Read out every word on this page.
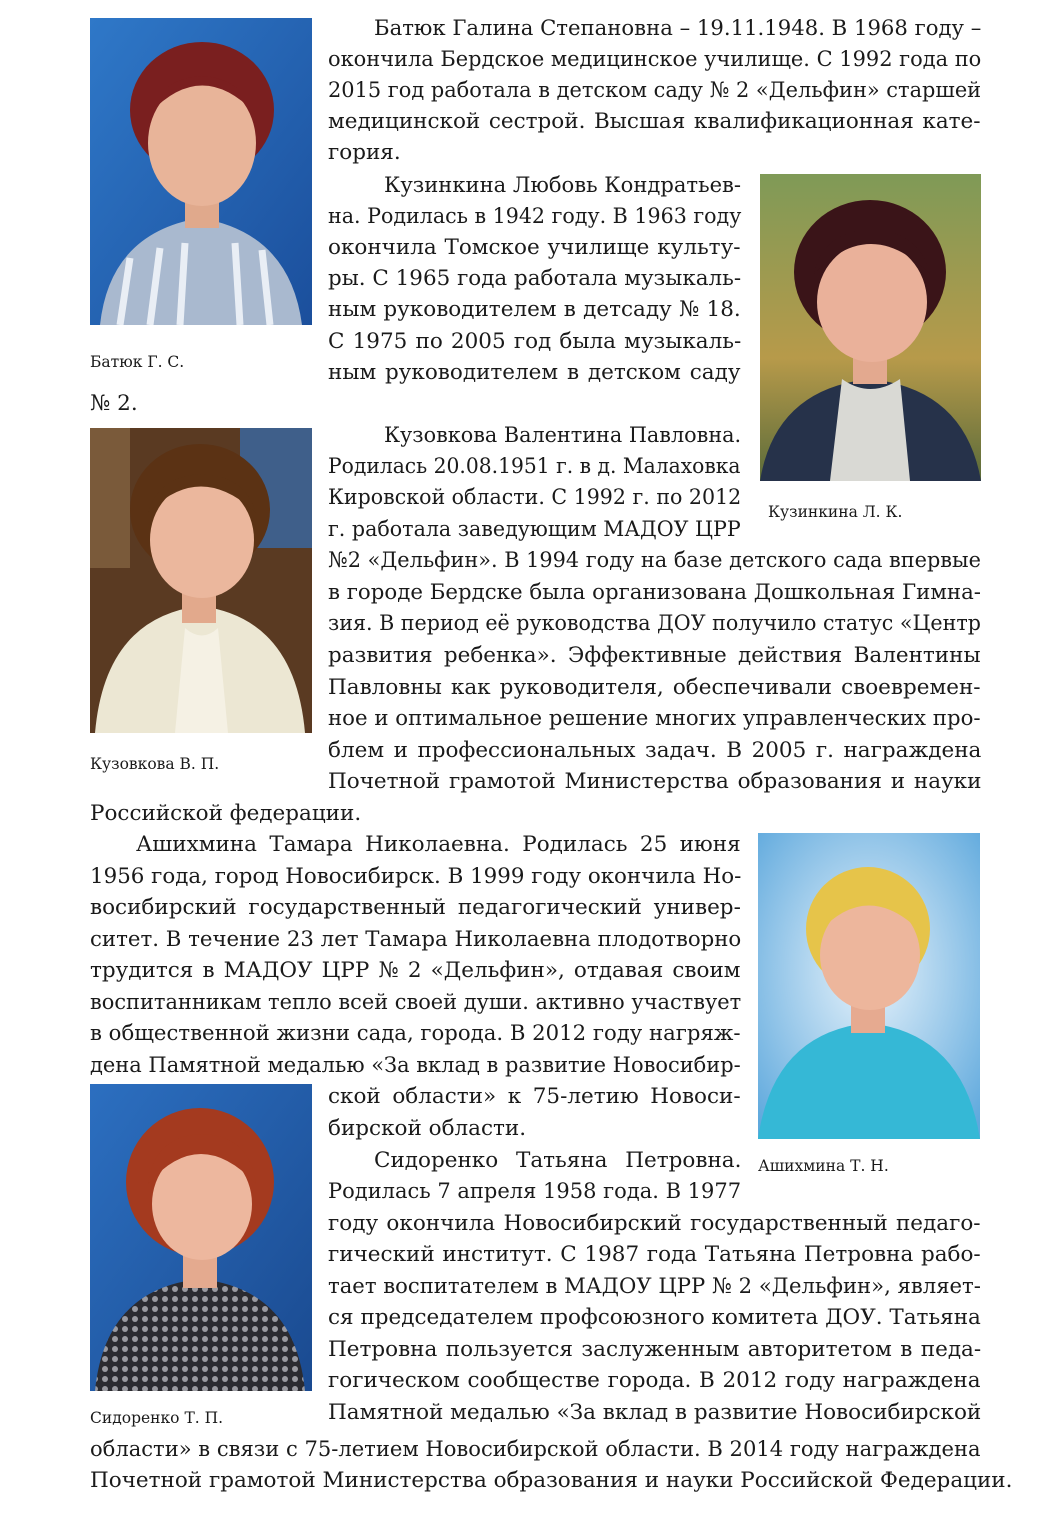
Батюк Г. С.
Кузинкина Л. К.
Кузовкова В. П.
Ашихмина Т. Н.
Сидоренко Т. П.
Батюк Галина Степановна – 19.11.1948. В 1968 году –
окончила Бердское медицинское училище. С 1992 года по
2015 год работала в детском саду № 2 «Дельфин» старшей
медицинской сестрой. Высшая квалификационная кате-
гория.
Кузинкина Любовь Кондратьев-
на. Родилась в 1942 году. В 1963 году
окончила Томское училище культу-
ры. С 1965 года работала музыкаль-
ным руководителем в детсаду № 18.
С 1975 по 2005 год была музыкаль-
ным руководителем в детском саду
№ 2.
Кузовкова Валентина Павловна.
Родилась 20.08.1951 г. в д. Малаховка
Кировской области. С 1992 г. по 2012
г. работала заведующим МАДОУ ЦРР
№2 «Дельфин». В 1994 году на базе детского сада впервые
в городе Бердске была организована Дошкольная Гимна-
зия. В период её руководства ДОУ получило статус «Центр
развития ребенка». Эффективные действия Валентины
Павловны как руководителя, обеспечивали своевремен-
ное и оптимальное решение многих управленческих про-
блем и профессиональных задач. В 2005 г. награждена
Почетной грамотой Министерства образования и науки
Российской федерации.
Ашихмина Тамара Николаевна. Родилась 25 июня
1956 года, город Новосибирск. В 1999 году окончила Но-
восибирский государственный педагогический универ-
ситет. В течение 23 лет Тамара Николаевна плодотворно
трудится в МАДОУ ЦРР № 2 «Дельфин», отдавая своим
воспитанникам тепло всей своей души. активно участвует
в общественной жизни сада, города. В 2012 году нагряж-
дена Памятной медалью «За вклад в развитие Новосибир-
ской области» к 75-летию Новоси-
бирской области.
Сидоренко Татьяна Петровна.
Родилась 7 апреля 1958 года. В 1977
году окончила Новосибирский государственный педаго-
гический институт. С 1987 года Татьяна Петровна рабо-
тает воспитателем в МАДОУ ЦРР № 2 «Дельфин», являет-
ся председателем профсоюзного комитета ДОУ. Татьяна
Петровна пользуется заслуженным авторитетом в педа-
гогическом сообществе города. В 2012 году награждена
Памятной медалью «За вклад в развитие Новосибирской
области» в связи с 75-летием Новосибирской области. В 2014 году награждена
Почетной грамотой Министерства образования и науки Российской Федерации.
